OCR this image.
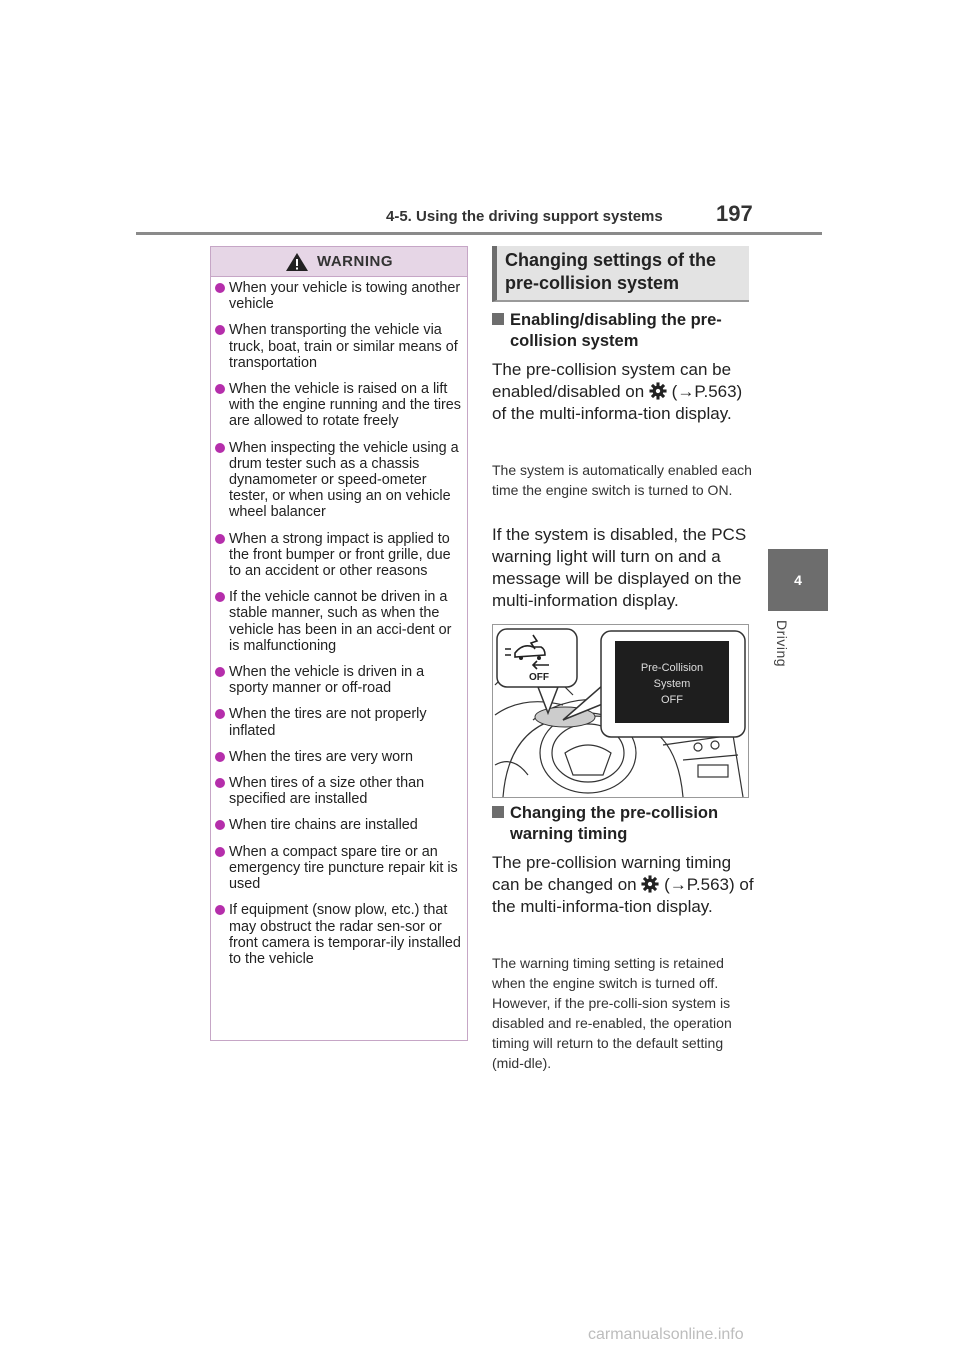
4-5. Using the driving support systems 197
4
Driving
WARNING
When your vehicle is towing another vehicle
When transporting the vehicle via truck, boat, train or similar means of transportation
When the vehicle is raised on a lift with the engine running and the tires are allowed to rotate freely
When inspecting the vehicle using a drum tester such as a chassis dynamometer or speed-ometer tester, or when using an on vehicle wheel balancer
When a strong impact is applied to the front bumper or front grille, due to an accident or other reasons
If the vehicle cannot be driven in a stable manner, such as when the vehicle has been in an acci-dent or is malfunctioning
When the vehicle is driven in a sporty manner or off-road
When the tires are not properly inflated
When the tires are very worn
When tires of a size other than specified are installed
When tire chains are installed
When a compact spare tire or an emergency tire puncture repair kit is used
If equipment (snow plow, etc.) that may obstruct the radar sen-sor or front camera is temporar-ily installed to the vehicle
Changing settings of the pre-collision system
Enabling/disabling the pre-collision system
The pre-collision system can be enabled/disabled on (→P.563) of the multi-informa-tion display.
The system is automatically enabled each time the engine switch is turned to ON.
If the system is disabled, the PCS warning light will turn on and a message will be displayed on the multi-information display.
OFF
Pre-Collision
System
OFF
Changing the pre-collision warning timing
The pre-collision warning timing can be changed on (→P.563) of the multi-informa-tion display.
The warning timing setting is retained when the engine switch is turned off. However, if the pre-colli-sion system is disabled and re-enabled, the operation timing will return to the default setting (mid-dle).
carmanualsonline.info
